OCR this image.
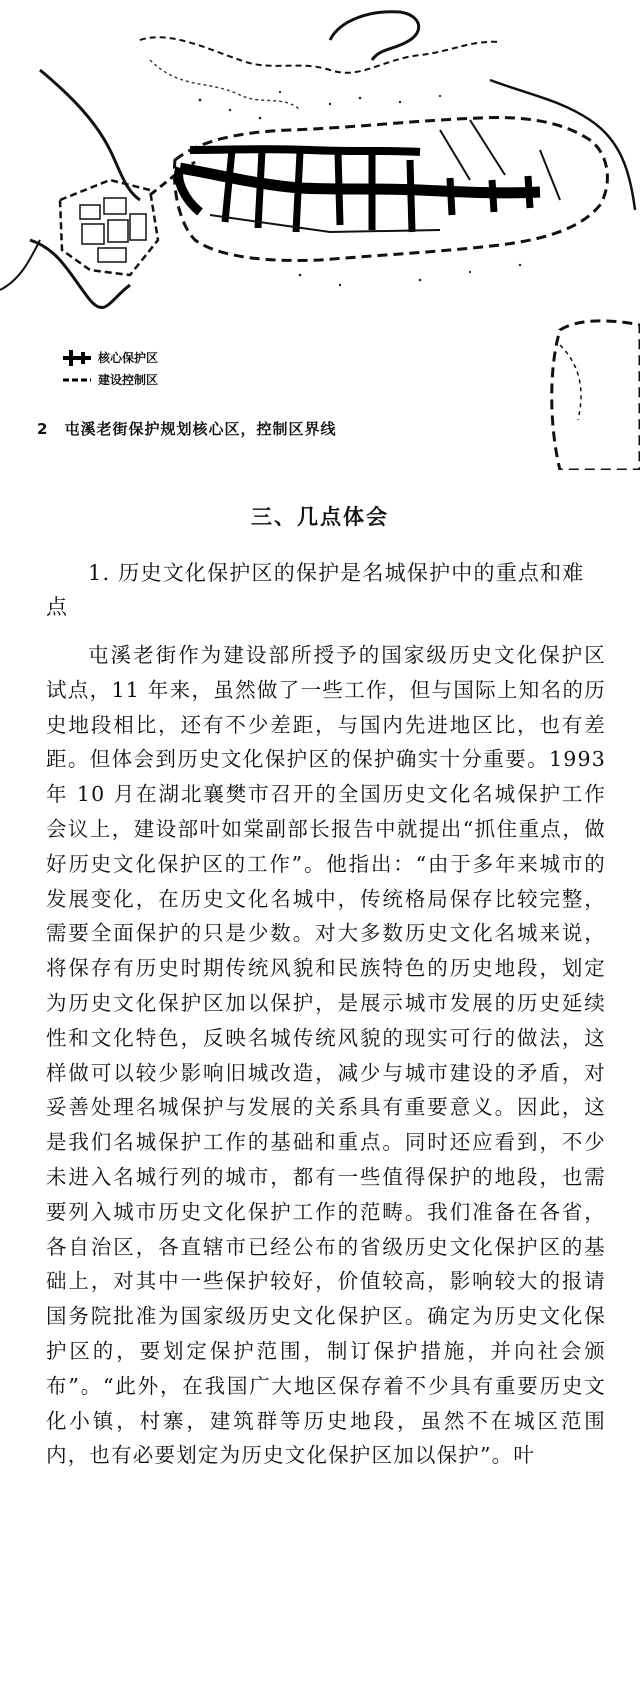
核心保护区
建设控制区
2 屯溪老街保护规划核心区，控制区界线
三、几点体会
1. 历史文化保护区的保护是名城保护中的重点和难点

屯溪老街作为建设部所授予的国家级历史文化保护区试点，11 年来，虽然做了一些工作，但与国际上知名的历史地段相比，还有不少差距，与国内先进地区比，也有差距。但体会到历史文化保护区的保护确实十分重要。1993 年 10 月在湖北襄樊市召开的全国历史文化名城保护工作会议上，建设部叶如棠副部长报告中就提出“抓住重点，做好历史文化保护区的工作”。他指出：“由于多年来城市的发展变化，在历史文化名城中，传统格局保存比较完整，需要全面保护的只是少数。对大多数历史文化名城来说，将保存有历史时期传统风貌和民族特色的历史地段，划定为历史文化保护区加以保护，是展示城市发展的历史延续性和文化特色，反映名城传统风貌的现实可行的做法，这样做可以较少影响旧城改造，减少与城市建设的矛盾，对妥善处理名城保护与发展的关系具有重要意义。因此，这是我们名城保护工作的基础和重点。同时还应看到，不少未进入名城行列的城市，都有一些值得保护的地段，也需要列入城市历史文化保护工作的范畴。我们准备在各省，各自治区，各直辖市已经公布的省级历史文化保护区的基础上，对其中一些保护较好，价值较高，影响较大的报请国务院批准为国家级历史文化保护区。确定为历史文化保护区的，要划定保护范围，制订保护措施，并向社会颁布”。“此外，在我国广大地区保存着不少具有重要历史文化小镇，村寨，建筑群等历史地段，虽然不在城区范围内，也有必要划定为历史文化保护区加以保护”。叶
